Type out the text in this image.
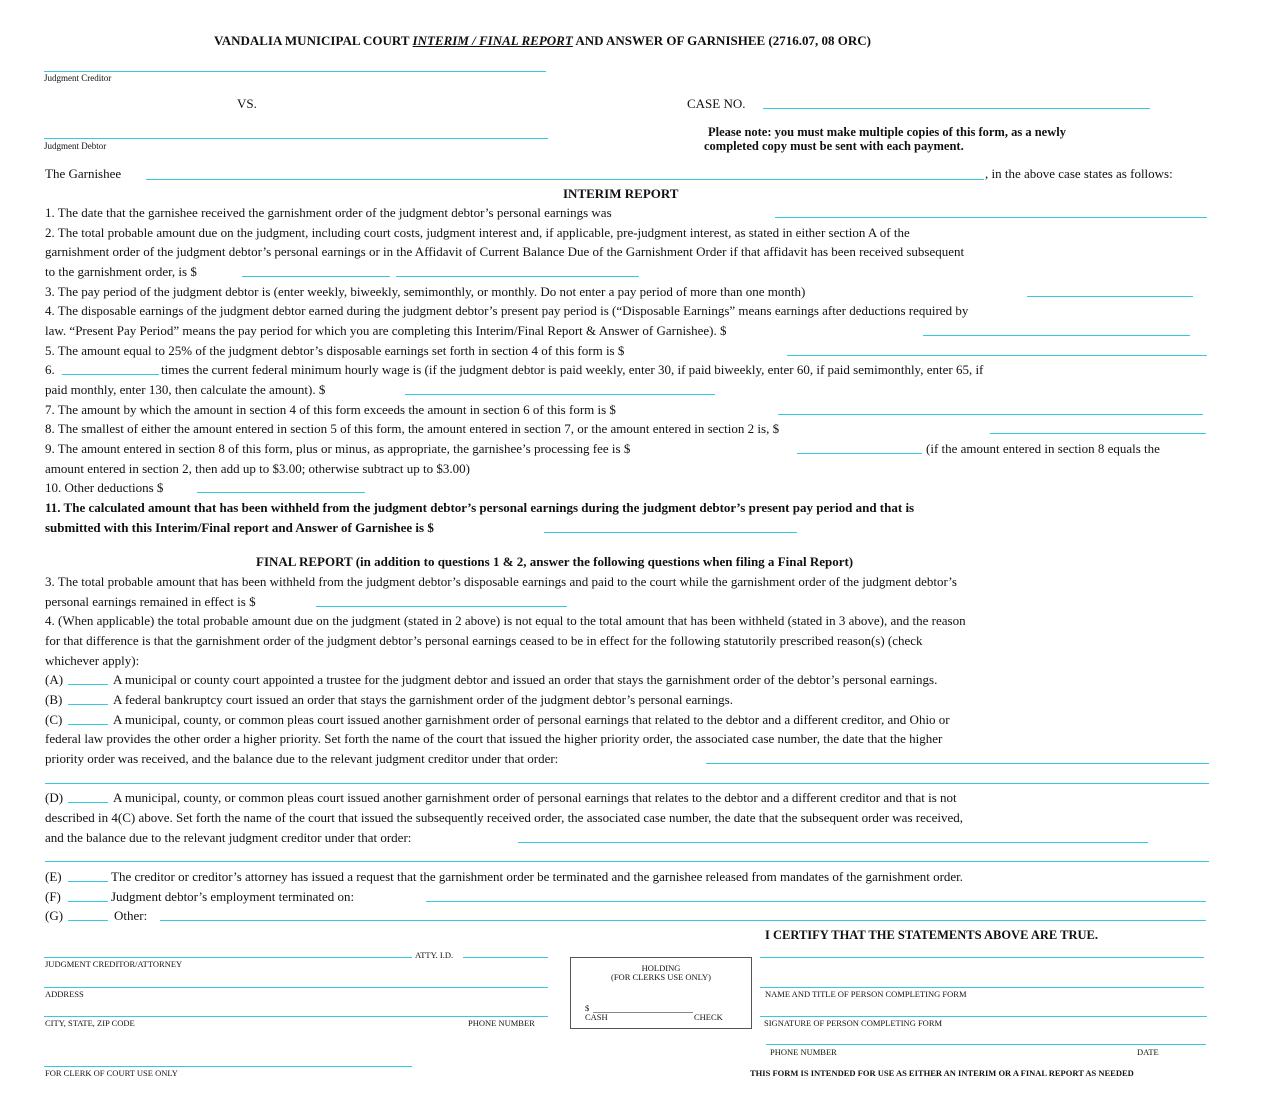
VANDALIA MUNICIPAL COURT INTERIM / FINAL REPORT AND ANSWER OF GARNISHEE (2716.07, 08 ORC)
Judgment Creditor
VS.	CASE NO.
Judgment Debtor
Please note: you must make multiple copies of this form, as a newly
completed copy must be sent with each payment.
The Garnishee	, in the above case states as follows:
INTERIM REPORT
1. The date that the garnishee received the garnishment order of the judgment debtor’s personal earnings was
2. The total probable amount due on the judgment, including court costs, judgment interest and, if applicable, pre-judgment interest, as stated in either section A of the
garnishment order of the judgment debtor’s personal earnings or in the Affidavit of Current Balance Due of the Garnishment Order if that affidavit has been received subsequent
to the garnishment order, is $
3. The pay period of the judgment debtor is (enter weekly, biweekly, semimonthly, or monthly. Do not enter a pay period of more than one month)
4. The disposable earnings of the judgment debtor earned during the judgment debtor’s present pay period is (“Disposable Earnings” means earnings after deductions required by
law. “Present Pay Period” means the pay period for which you are completing this Interim/Final Report & Answer of Garnishee). $
5. The amount equal to 25% of the judgment debtor’s disposable earnings set forth in section 4 of this form is $
6.	times the current federal minimum hourly wage is (if the judgment debtor is paid weekly, enter 30, if paid biweekly, enter 60, if paid semimonthly, enter 65, if
paid monthly, enter 130, then calculate the amount). $
7. The amount by which the amount in section 4 of this form exceeds the amount in section 6 of this form is $
8. The smallest of either the amount entered in section 5 of this form, the amount entered in section 7, or the amount entered in section 2 is, $
9. The amount entered in section 8 of this form, plus or minus, as appropriate, the garnishee’s processing fee is $	(if the amount entered in section 8 equals the
amount entered in section 2, then add up to $3.00; otherwise subtract up to $3.00)
10. Other deductions $
11. The calculated amount that has been withheld from the judgment debtor’s personal earnings during the judgment debtor’s present pay period and that is
submitted with this Interim/Final report and Answer of Garnishee is $
FINAL REPORT (in addition to questions 1 & 2, answer the following questions when filing a Final Report)
3. The total probable amount that has been withheld from the judgment debtor’s disposable earnings and paid to the court while the garnishment order of the judgment debtor’s
personal earnings remained in effect is $
4. (When applicable) the total probable amount due on the judgment (stated in 2 above) is not equal to the total amount that has been withheld (stated in 3 above), and the reason
for that difference is that the garnishment order of the judgment debtor’s personal earnings ceased to be in effect for the following statutorily prescribed reason(s) (check
whichever apply):
(A)	A municipal or county court appointed a trustee for the judgment debtor and issued an order that stays the garnishment order of the debtor’s personal earnings.
(B)	A federal bankruptcy court issued an order that stays the garnishment order of the judgment debtor’s personal earnings.
(C)	A municipal, county, or common pleas court issued another garnishment order of personal earnings that related to the debtor and a different creditor, and Ohio or
federal law provides the other order a higher priority. Set forth the name of the court that issued the higher priority order, the associated case number, the date that the higher
priority order was received, and the balance due to the relevant judgment creditor under that order:
(D)	A municipal, county, or common pleas court issued another garnishment order of personal earnings that relates to the debtor and a different creditor and that is not
described in 4(C) above. Set forth the name of the court that issued the subsequently received order, the associated case number, the date that the subsequent order was received,
and the balance due to the relevant judgment creditor under that order:
(E)	The creditor or creditor’s attorney has issued a request that the garnishment order be terminated and the garnishee released from mandates of the garnishment order.
(F)	Judgment debtor’s employment terminated on:
(G)	Other:
I CERTIFY THAT THE STATEMENTS ABOVE ARE TRUE.
ATTY. I.D.
JUDGMENT CREDITOR/ATTORNEY
ADDRESS
CITY, STATE, ZIP CODE	PHONE NUMBER
HOLDING
(FOR CLERKS USE ONLY)
$
CASH	CHECK
NAME AND TITLE OF PERSON COMPLETING FORM
SIGNATURE OF PERSON COMPLETING FORM
PHONE NUMBER	DATE
FOR CLERK OF COURT USE ONLY	THIS FORM IS INTENDED FOR USE AS EITHER AN INTERIM OR A FINAL REPORT AS NEEDED
